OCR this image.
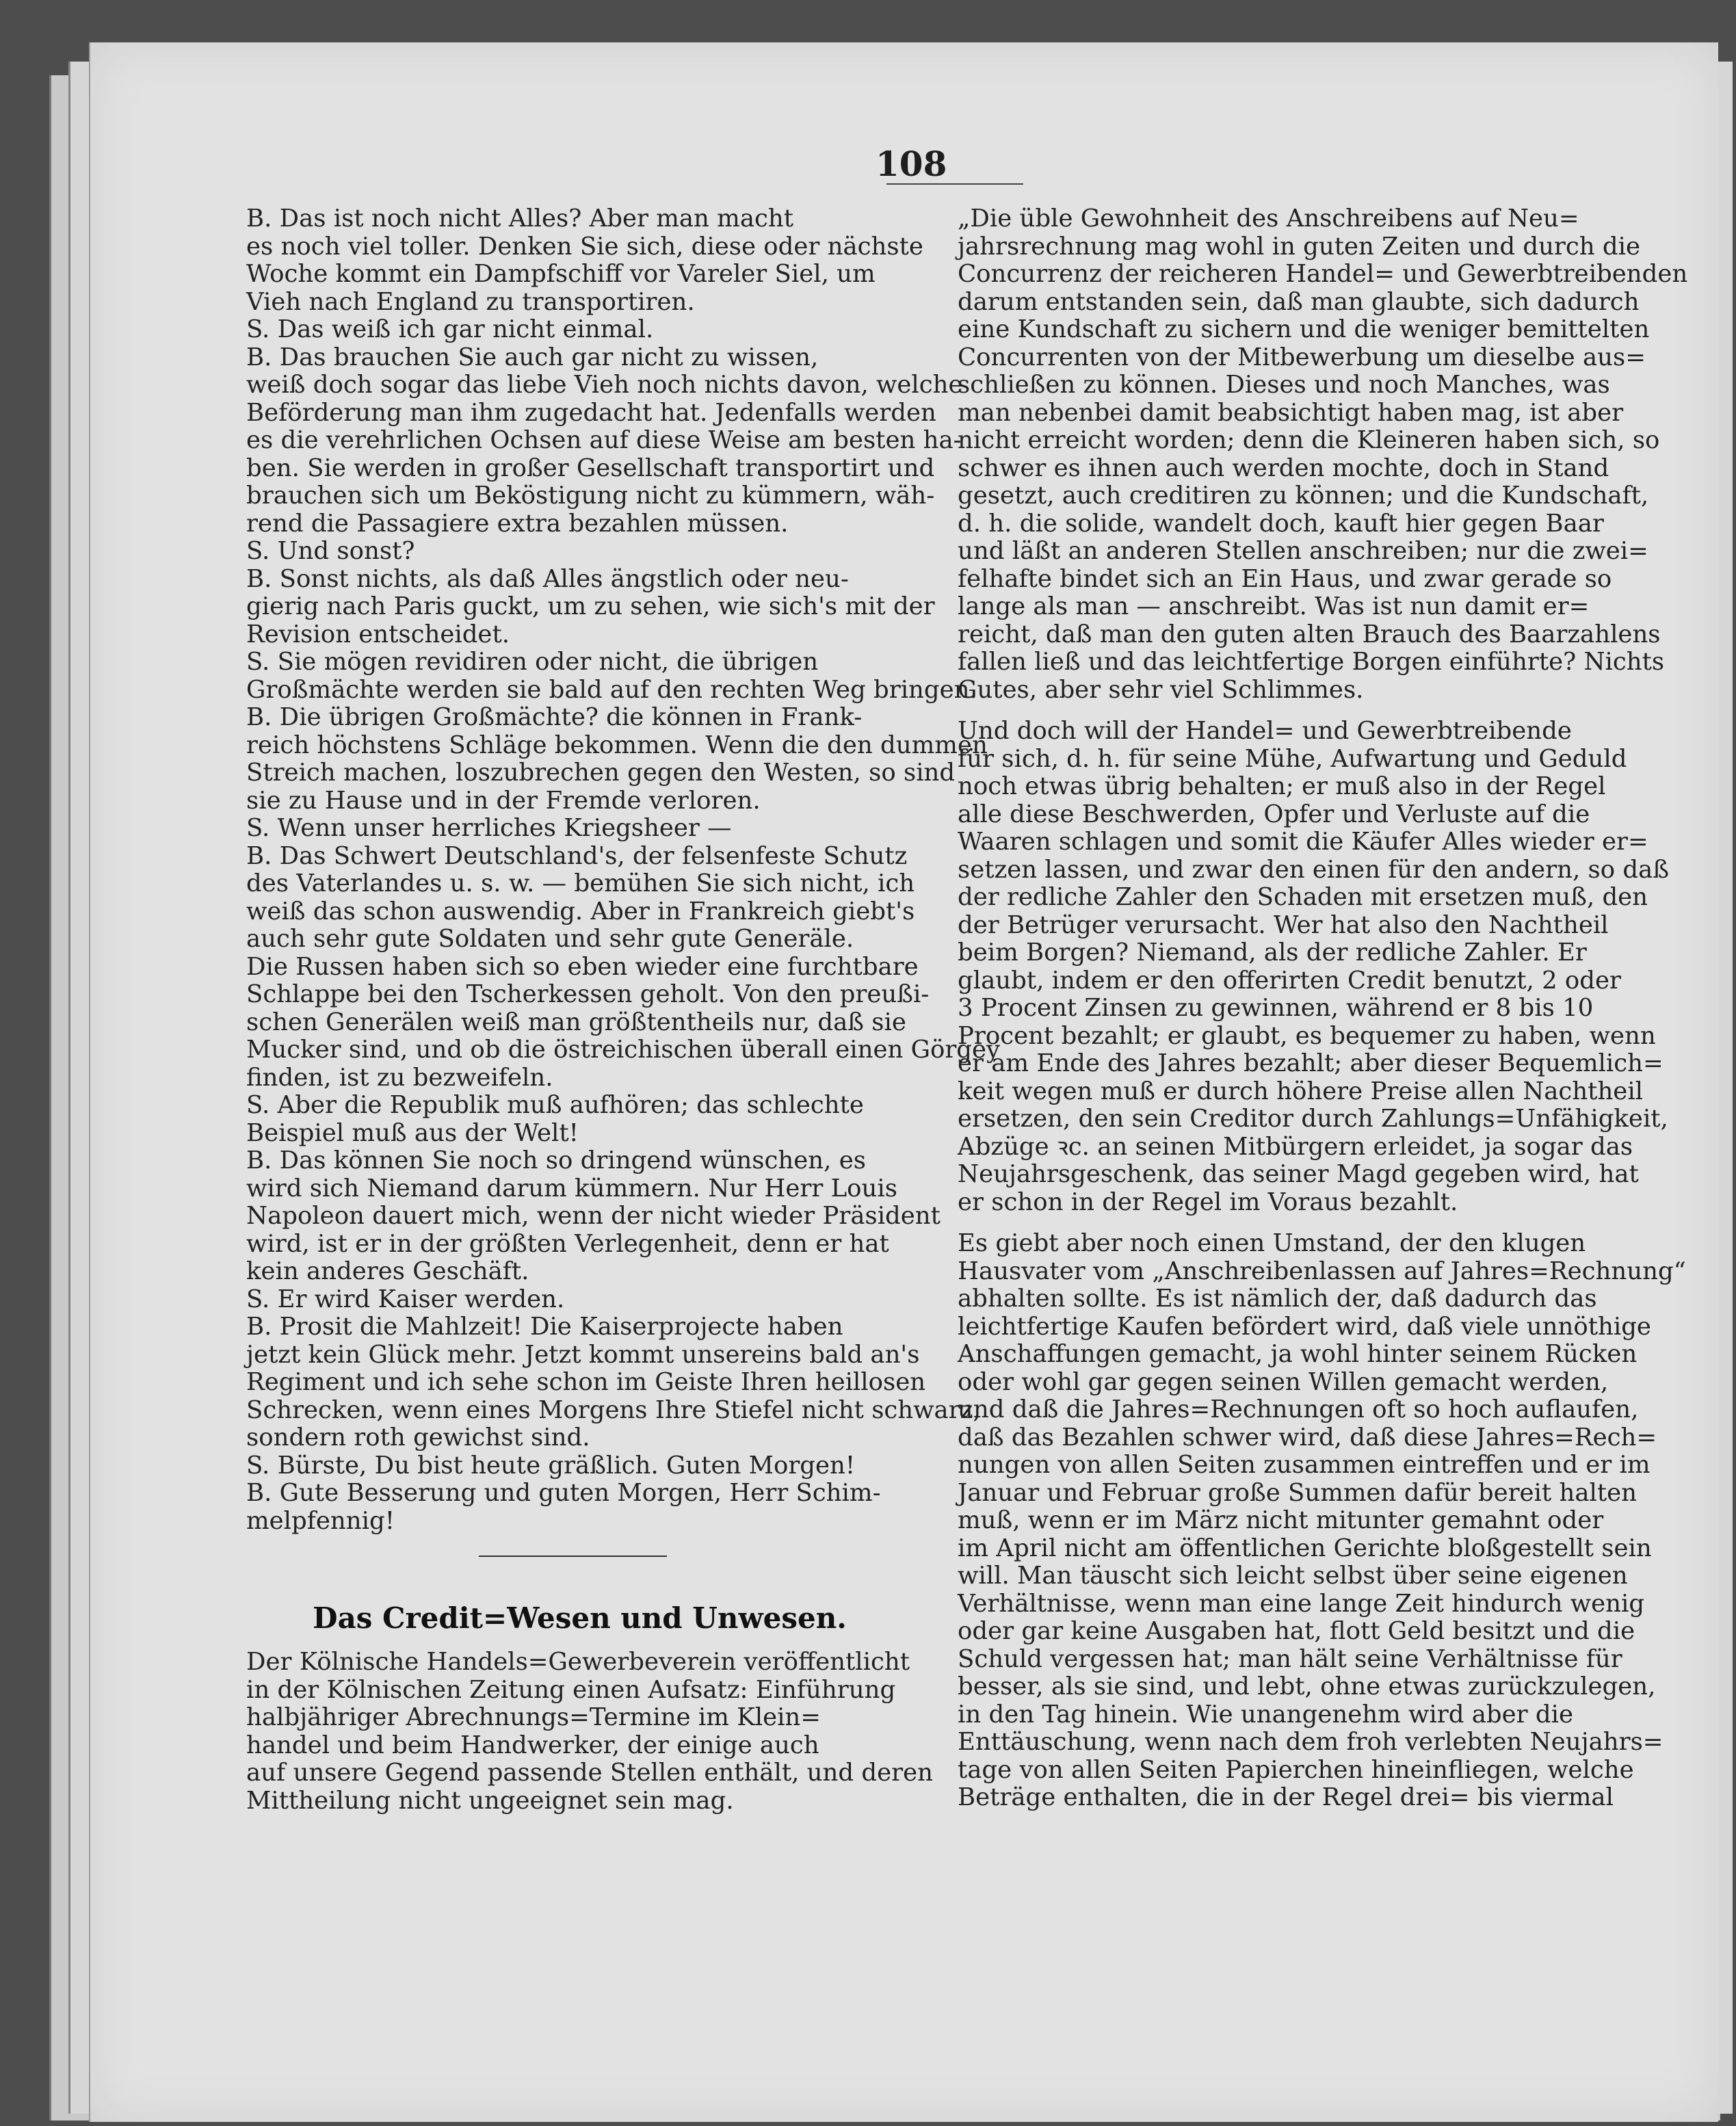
108
B. Das ist noch nicht Alles? Aber man macht
es noch viel toller. Denken Sie sich, diese oder nächste
Woche kommt ein Dampfschiff vor Vareler Siel, um
Vieh nach England zu transportiren.
S. Das weiß ich gar nicht einmal.
B. Das brauchen Sie auch gar nicht zu wissen,
weiß doch sogar das liebe Vieh noch nichts davon, welche
Beförderung man ihm zugedacht hat. Jedenfalls werden
es die verehrlichen Ochsen auf diese Weise am besten ha-
ben. Sie werden in großer Gesellschaft transportirt und
brauchen sich um Beköstigung nicht zu kümmern, wäh-
rend die Passagiere extra bezahlen müssen.
S. Und sonst?
B. Sonst nichts, als daß Alles ängstlich oder neu-
gierig nach Paris guckt, um zu sehen, wie sich's mit der
Revision entscheidet.
S. Sie mögen revidiren oder nicht, die übrigen
Großmächte werden sie bald auf den rechten Weg bringen.
B. Die übrigen Großmächte? die können in Frank-
reich höchstens Schläge bekommen. Wenn die den dummen
Streich machen, loszubrechen gegen den Westen, so sind
sie zu Hause und in der Fremde verloren.
S. Wenn unser herrliches Kriegsheer —
B. Das Schwert Deutschland's, der felsenfeste Schutz
des Vaterlandes u. s. w. — bemühen Sie sich nicht, ich
weiß das schon auswendig. Aber in Frankreich giebt's
auch sehr gute Soldaten und sehr gute Generäle.
Die Russen haben sich so eben wieder eine furchtbare
Schlappe bei den Tscherkessen geholt. Von den preußi-
schen Generälen weiß man größtentheils nur, daß sie
Mucker sind, und ob die östreichischen überall einen Görgey
finden, ist zu bezweifeln.
S. Aber die Republik muß aufhören; das schlechte
Beispiel muß aus der Welt!
B. Das können Sie noch so dringend wünschen, es
wird sich Niemand darum kümmern. Nur Herr Louis
Napoleon dauert mich, wenn der nicht wieder Präsident
wird, ist er in der größten Verlegenheit, denn er hat
kein anderes Geschäft.
S. Er wird Kaiser werden.
B. Prosit die Mahlzeit! Die Kaiserprojecte haben
jetzt kein Glück mehr. Jetzt kommt unsereins bald an's
Regiment und ich sehe schon im Geiste Ihren heillosen
Schrecken, wenn eines Morgens Ihre Stiefel nicht schwarz,
sondern roth gewichst sind.
S. Bürste, Du bist heute gräßlich. Guten Morgen!
B. Gute Besserung und guten Morgen, Herr Schim-
melpfennig!
Das Credit=Wesen und Unwesen.
Der Kölnische Handels=Gewerbeverein veröffentlicht
in der Kölnischen Zeitung einen Aufsatz: Einführung
halbjähriger Abrechnungs=Termine im Klein=
handel und beim Handwerker, der einige auch
auf unsere Gegend passende Stellen enthält, und deren
Mittheilung nicht ungeeignet sein mag.
„Die üble Gewohnheit des Anschreibens auf Neu=
jahrsrechnung mag wohl in guten Zeiten und durch die
Concurrenz der reicheren Handel= und Gewerbtreibenden
darum entstanden sein, daß man glaubte, sich dadurch
eine Kundschaft zu sichern und die weniger bemittelten
Concurrenten von der Mitbewerbung um dieselbe aus=
schließen zu können. Dieses und noch Manches, was
man nebenbei damit beabsichtigt haben mag, ist aber
nicht erreicht worden; denn die Kleineren haben sich, so
schwer es ihnen auch werden mochte, doch in Stand
gesetzt, auch creditiren zu können; und die Kundschaft,
d. h. die solide, wandelt doch, kauft hier gegen Baar
und läßt an anderen Stellen anschreiben; nur die zwei=
felhafte bindet sich an Ein Haus, und zwar gerade so
lange als man — anschreibt. Was ist nun damit er=
reicht, daß man den guten alten Brauch des Baarzahlens
fallen ließ und das leichtfertige Borgen einführte? Nichts
Gutes, aber sehr viel Schlimmes.
Und doch will der Handel= und Gewerbtreibende
für sich, d. h. für seine Mühe, Aufwartung und Geduld
noch etwas übrig behalten; er muß also in der Regel
alle diese Beschwerden, Opfer und Verluste auf die
Waaren schlagen und somit die Käufer Alles wieder er=
setzen lassen, und zwar den einen für den andern, so daß
der redliche Zahler den Schaden mit ersetzen muß, den
der Betrüger verursacht. Wer hat also den Nachtheil
beim Borgen? Niemand, als der redliche Zahler. Er
glaubt, indem er den offerirten Credit benutzt, 2 oder
3 Procent Zinsen zu gewinnen, während er 8 bis 10
Procent bezahlt; er glaubt, es bequemer zu haben, wenn
er am Ende des Jahres bezahlt; aber dieser Bequemlich=
keit wegen muß er durch höhere Preise allen Nachtheil
ersetzen, den sein Creditor durch Zahlungs=Unfähigkeit,
Abzüge ꝛc. an seinen Mitbürgern erleidet, ja sogar das
Neujahrsgeschenk, das seiner Magd gegeben wird, hat
er schon in der Regel im Voraus bezahlt.
Es giebt aber noch einen Umstand, der den klugen
Hausvater vom „Anschreibenlassen auf Jahres=Rechnung“
abhalten sollte. Es ist nämlich der, daß dadurch das
leichtfertige Kaufen befördert wird, daß viele unnöthige
Anschaffungen gemacht, ja wohl hinter seinem Rücken
oder wohl gar gegen seinen Willen gemacht werden,
und daß die Jahres=Rechnungen oft so hoch auflaufen,
daß das Bezahlen schwer wird, daß diese Jahres=Rech=
nungen von allen Seiten zusammen eintreffen und er im
Januar und Februar große Summen dafür bereit halten
muß, wenn er im März nicht mitunter gemahnt oder
im April nicht am öffentlichen Gerichte bloßgestellt sein
will. Man täuscht sich leicht selbst über seine eigenen
Verhältnisse, wenn man eine lange Zeit hindurch wenig
oder gar keine Ausgaben hat, flott Geld besitzt und die
Schuld vergessen hat; man hält seine Verhältnisse für
besser, als sie sind, und lebt, ohne etwas zurückzulegen,
in den Tag hinein. Wie unangenehm wird aber die
Enttäuschung, wenn nach dem froh verlebten Neujahrs=
tage von allen Seiten Papierchen hineinfliegen, welche
Beträge enthalten, die in der Regel drei= bis viermal
